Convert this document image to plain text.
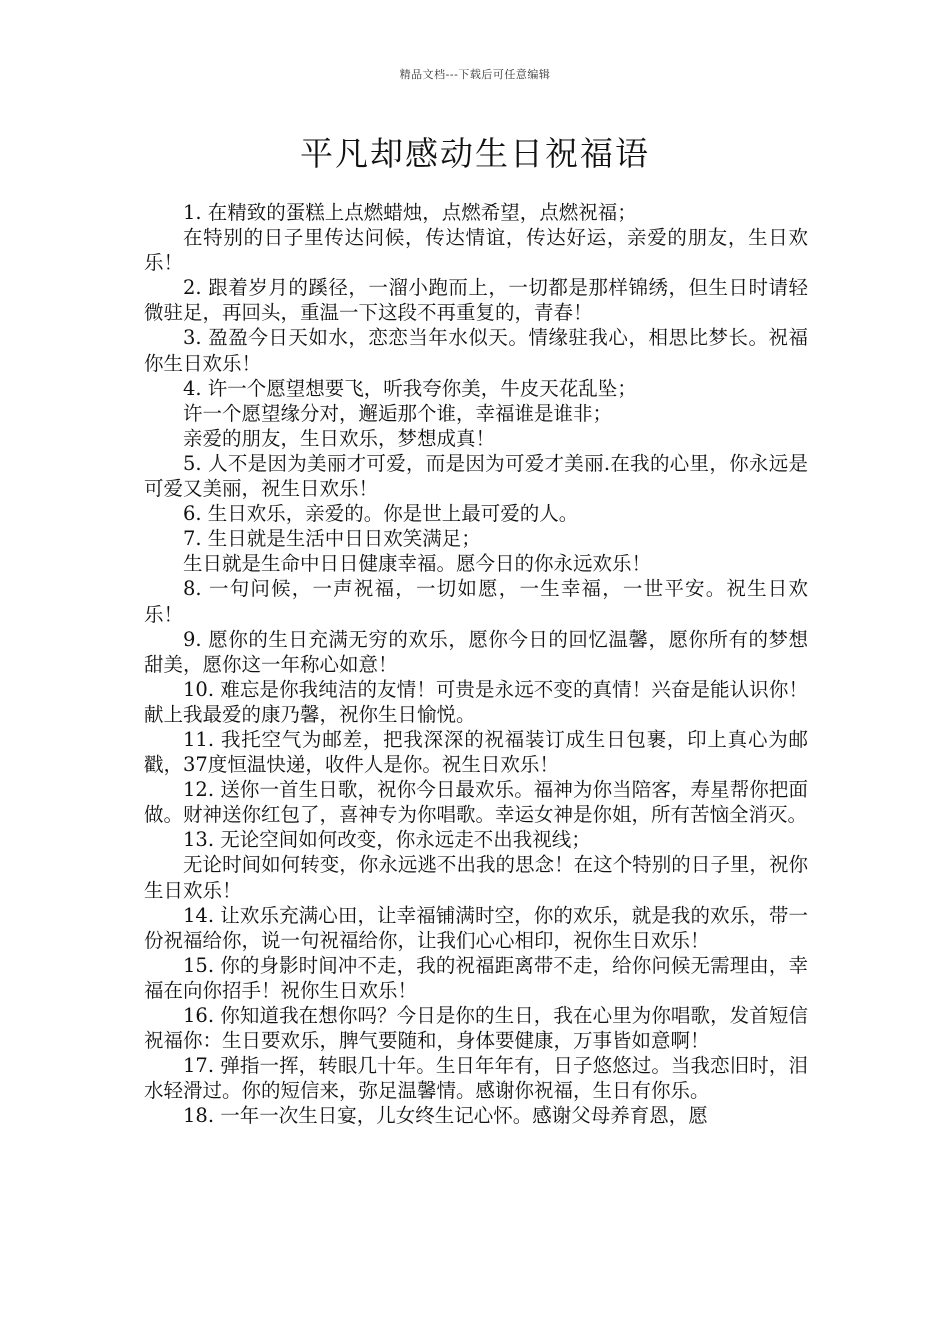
精品文档---下载后可任意编辑
平凡却感动生日祝福语

1. 在精致的蛋糕上点燃蜡烛，点燃希望，点燃祝福；

在特别的日子里传达问候，传达情谊，传达好运，亲爱的朋友，生日欢乐！

2. 跟着岁月的蹊径，一溜小跑而上，一切都是那样锦绣，但生日时请轻微驻足，再回头，重温一下这段不再重复的，青春！

3. 盈盈今日天如水，恋恋当年水似天。情缘驻我心，相思比梦长。祝福你生日欢乐！

4. 许一个愿望想要飞，听我夸你美，牛皮天花乱坠；

许一个愿望缘分对，邂逅那个谁，幸福谁是谁非；

亲爱的朋友，生日欢乐，梦想成真！

5. 人不是因为美丽才可爱，而是因为可爱才美丽.在我的心里，你永远是可爱又美丽，祝生日欢乐！

6. 生日欢乐，亲爱的。你是世上最可爱的人。

7. 生日就是生活中日日欢笑满足；

生日就是生命中日日健康幸福。愿今日的你永远欢乐！

8. 一句问候，一声祝福，一切如愿，一生幸福，一世平安。祝生日欢乐！

9. 愿你的生日充满无穷的欢乐，愿你今日的回忆温馨，愿你所有的梦想甜美，愿你这一年称心如意！

10. 难忘是你我纯洁的友情！可贵是永远不变的真情！兴奋是能认识你！献上我最爱的康乃馨，祝你生日愉悦。

11. 我托空气为邮差，把我深深的祝福装订成生日包裹，印上真心为邮戳，37度恒温快递，收件人是你。祝生日欢乐！

12. 送你一首生日歌，祝你今日最欢乐。福神为你当陪客，寿星帮你把面做。财神送你红包了，喜神专为你唱歌。幸运女神是你姐，所有苦恼全消灭。

13. 无论空间如何改变，你永远走不出我视线；

无论时间如何转变，你永远逃不出我的思念！在这个特别的日子里，祝你生日欢乐！

14. 让欢乐充满心田，让幸福铺满时空，你的欢乐，就是我的欢乐，带一份祝福给你，说一句祝福给你，让我们心心相印，祝你生日欢乐！

15. 你的身影时间冲不走，我的祝福距离带不走，给你问候无需理由，幸福在向你招手！祝你生日欢乐！

16. 你知道我在想你吗？今日是你的生日，我在心里为你唱歌，发首短信祝福你：生日要欢乐，脾气要随和，身体要健康，万事皆如意啊！

17. 弹指一挥，转眼几十年。生日年年有，日子悠悠过。当我恋旧时，泪水轻滑过。你的短信来，弥足温馨情。感谢你祝福，生日有你乐。

18. 一年一次生日宴，儿女终生记心怀。感谢父母养育恩，愿
